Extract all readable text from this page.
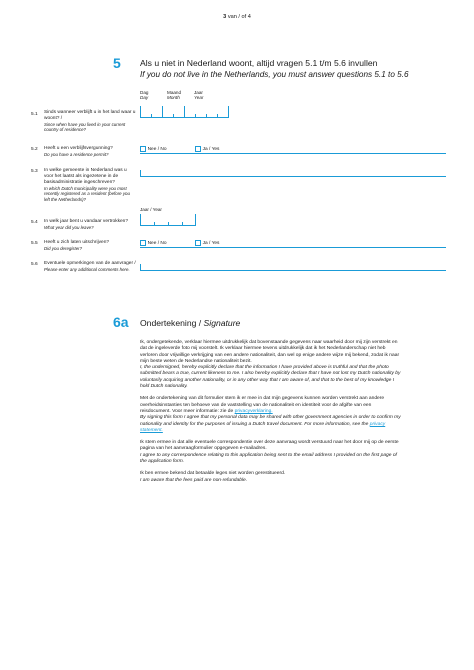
3 van / of 4
5 Als u niet in Nederland woont, altijd vragen 5.1 t/m 5.6 invullen
If you do not live in the Netherlands, you must answer questions 5.1 to 5.6
Dag
Day
Maand
Month
Jaar
Year
5.1 Sinds wanneer verblijft u in het land waar u woont? /
Since when have you lived in your current country of residence?
5.2 Heeft u een verblijfsvergunning?
Do you have a residence permit?
Nee / No	Ja / Yes
5.3 In welke gemeente in Nederland was u voor het laatst als ingezetene in de basisadministratie ingeschreven?
In which Dutch municipality were you most recently registered as a resident (before you left the Netherlands)?
Jaar / Year
5.4 In welk jaar bent u vandaar vertrokken?
What year did you leave?
5.5 Heeft u zich laten uitschrijven?
Did you deregister?
Nee / No	Ja / Yes
5.6 Eventuele opmerkingen van de aanvrager /
Please enter any additional comments here.
6a Ondertekening / Signature

Ik, ondergetekende, verklaar hiermee uitdrukkelijk dat bovenstaande gegevens naar waarheid door mij zijn verstrekt en dat de ingeleverde foto mij voorstelt. Ik verklaar hiermee tevens uitdrukkelijk dat ik het Nederlanderschap niet heb verloren door vrijwillige verkrijging van een andere nationaliteit, dan wel op enige andere wijze mij bekend, zodat ik naar mijn beste weten de Nederlandse nationaliteit bezit.
I, the undersigned, hereby explicitly declare that the information I have provided above is truthful and that the photo submitted bears a true, current likeness to me. I also hereby explicitly declare that I have not lost my Dutch nationality by voluntarily acquiring another nationality, or in any other way that I am aware of, and that to the best of my knowledge I hold Dutch nationality.

Met de ondertekening van dit formulier stem ik er mee in dat mijn gegevens kunnen worden verstrekt aan andere overheidsinstanties ten behoeve van de vaststelling van de nationaliteit en identiteit voor de afgifte van een reisdocument. Voor meer informatie: zie de privacyverklaring.
By signing this form I agree that my personal data may be shared with other government agencies in order to confirm my nationality and identity for the purposes of issuing a Dutch travel document. For more information, see the privacy statement.

Ik stem ermee in dat alle eventuele correspondentie over deze aanvraag wordt verstuurd naar het door mij op de eerste pagina van het aanvraagformulier opgegeven e-mailadres.
I agree to any correspondence relating to this application being sent to the email address I provided on the first page of the application form.

Ik ben ermee bekend dat betaalde leges niet worden gerestitueerd.
I am aware that the fees paid are non-refundable.
